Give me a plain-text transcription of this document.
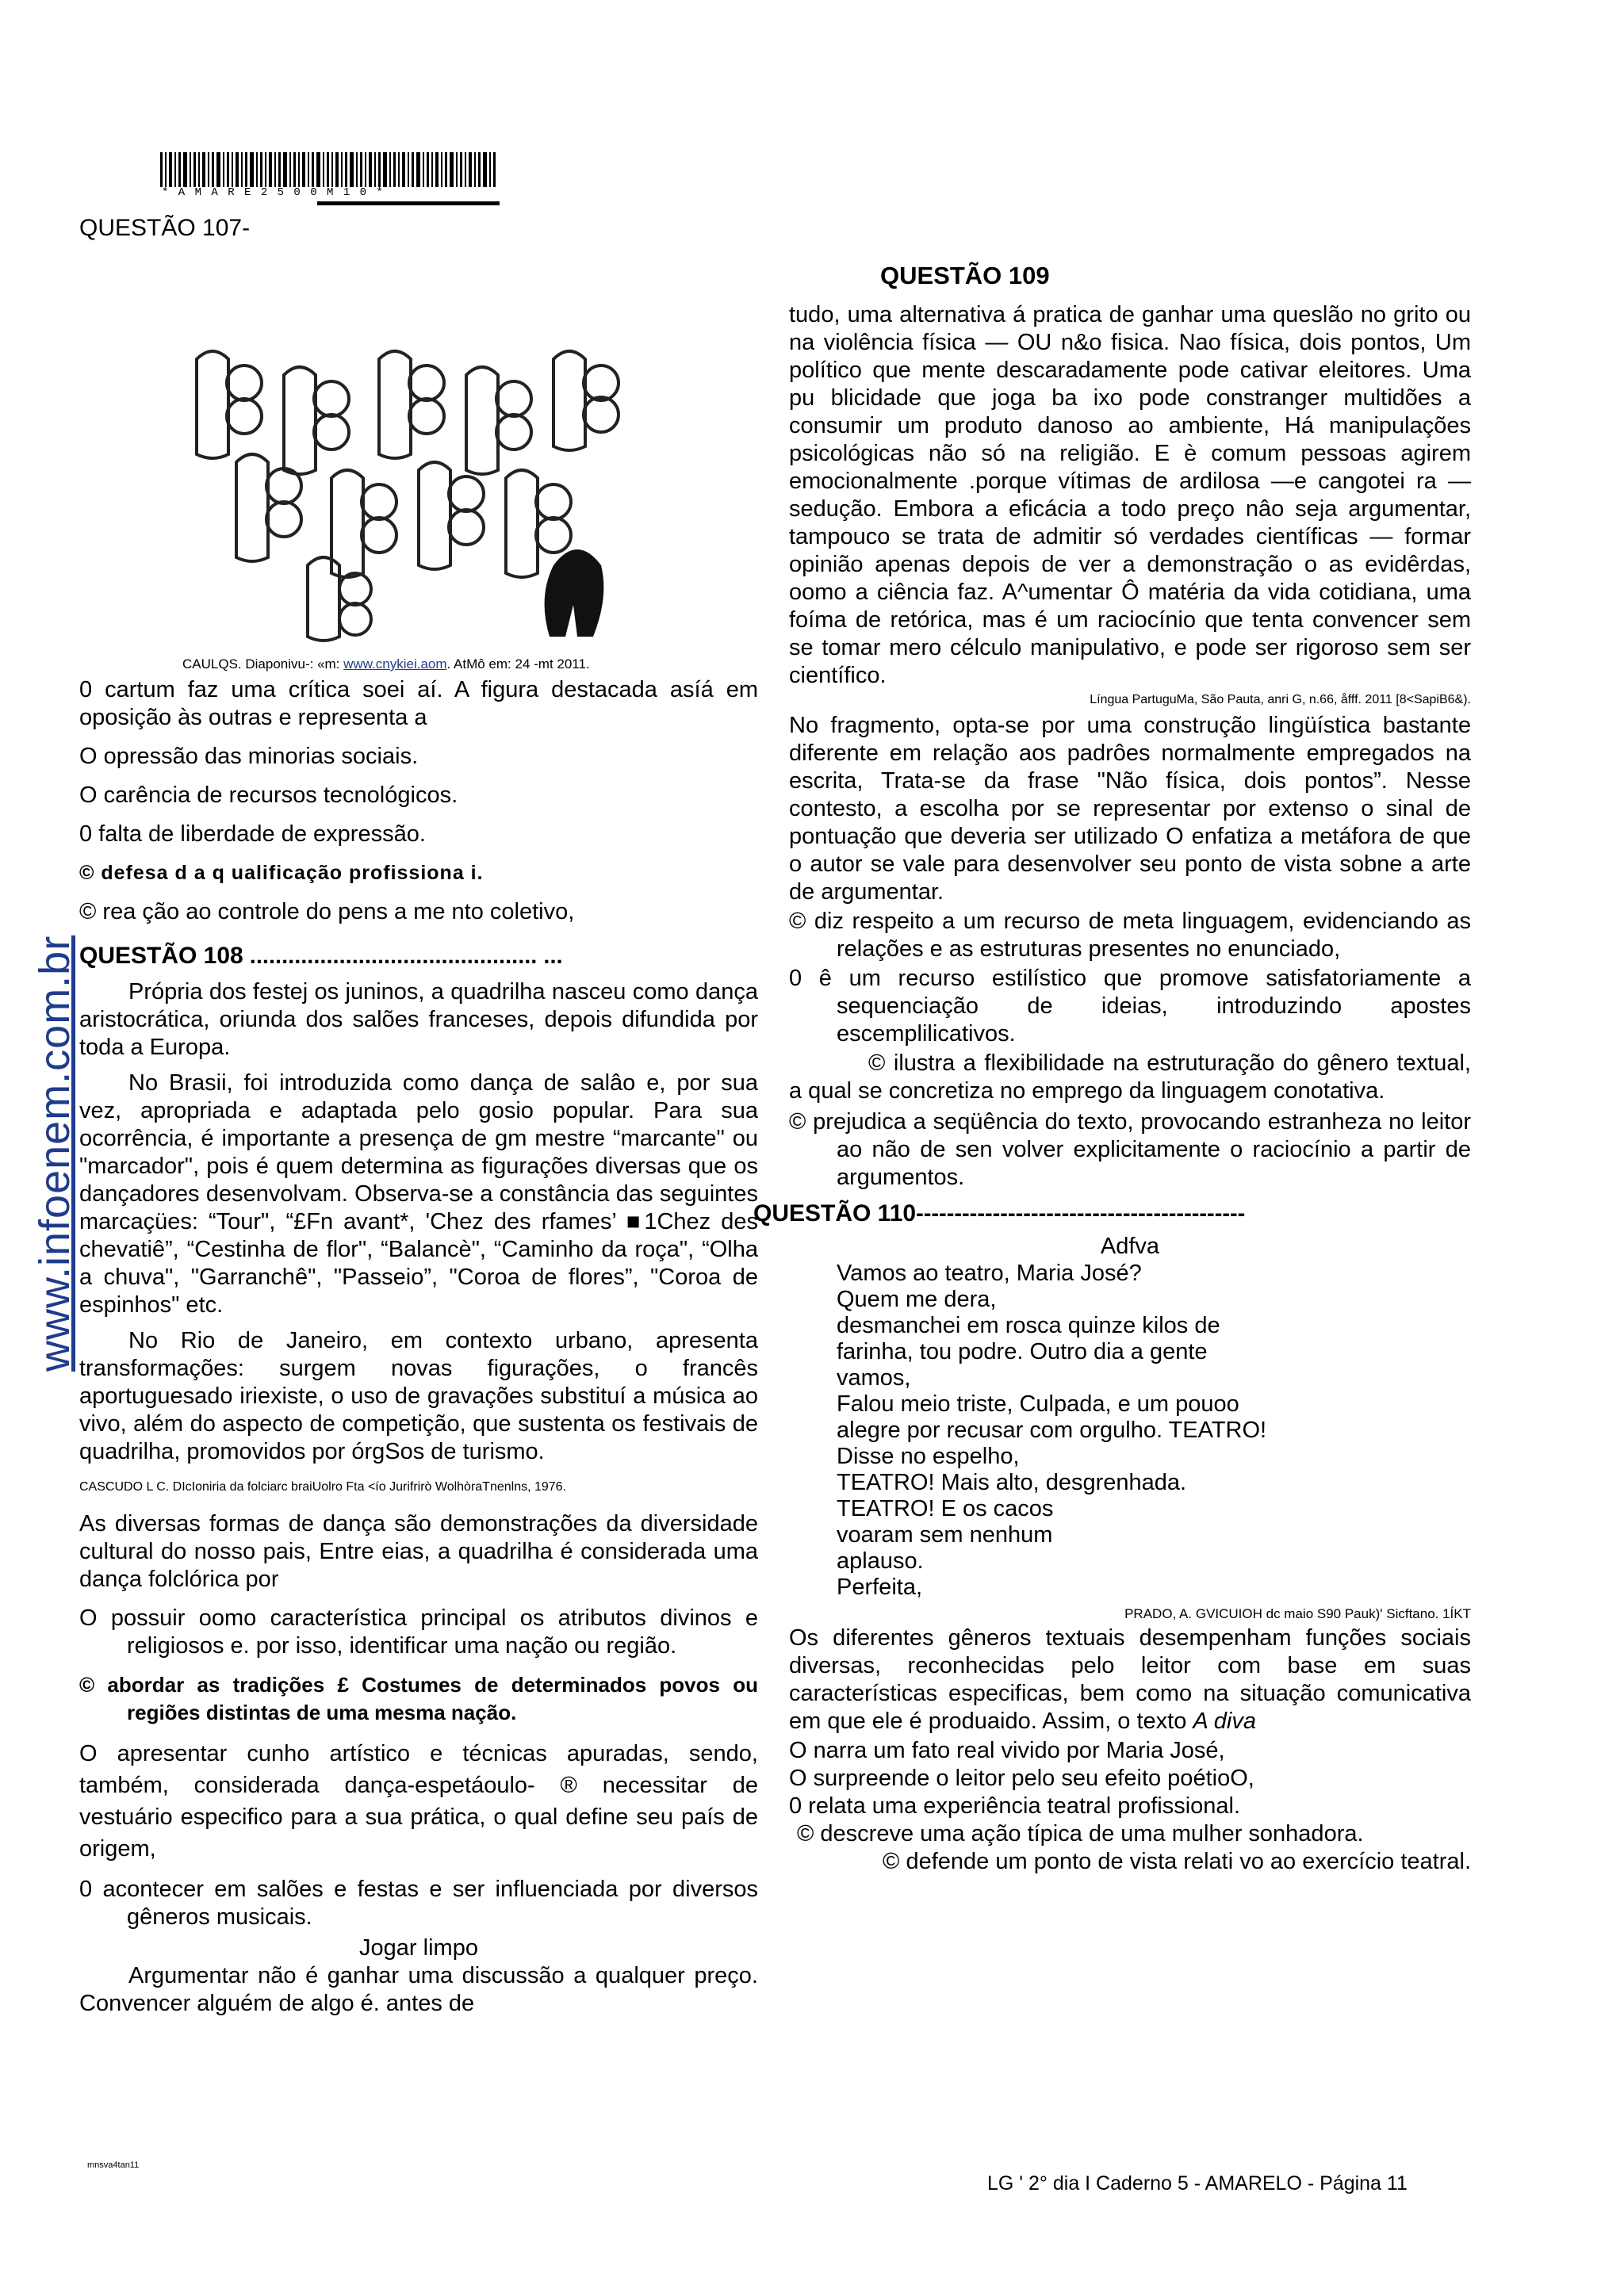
www.infoenem.com.br
* A M A R E 2 5 0 0 M 1 0 *

QUESTÃO 107-

CAULQS. Diaponivu-: «m: www.cnykiei.aom. AtMô em: 24 -mt 2011.

0 cartum faz uma crítica soei aí. A figura destacada asíá em oposição às outras e representa a

O opressão das minorias sociais.

O carência de recursos tecnológicos.

0 falta de liberdade de expressão.

© defesa d a q ualificação profissiona i.

© rea ção ao controle do pens a me nto coletivo,

QUESTÃO 108 ............................................. ...

Própria dos festej os juninos, a quadrilha nasceu como dança aristocrática, oriunda dos salões franceses, depois difundida por toda a Europa.

No Brasii, foi introduzida como dança de salâo e, por sua vez, apropriada e adaptada pelo gosio popular. Para sua ocorrência, é importante a presença de gm mestre “marcante" ou "marcador", pois é quem determina as figurações diversas que os dançadores desenvolvam. Observa-se a constância das seguintes marcaçües: “Tour", “£Fn avant*, 'Chez des rfames’ ■1Chez des chevatiê”, “Cestinha de flor", “Balancè", “Caminho da roça", “Olha a chuva", "Garranchê", "Passeio”, "Coroa de flores”, "Coroa de espinhos" etc.

No Rio de Janeiro, em contexto urbano, apresenta transformações: surgem novas figurações, o francês aportuguesado iriexiste, o uso de gravações substituí a música ao vivo, além do aspecto de competição, que sustenta os festivais de quadrilha, promovidos por órgSos de turismo.

CASCUDO L C. DIcIoniria da folciarc braiUolro Fta <ío Jurifrirò WolhòraTnenlns, 1976.

As diversas formas de dança são demonstrações da diversidade cultural do nosso pais, Entre eias, a quadrilha é considerada uma dança folclórica por

O possuir oomo característica principal os atributos divinos e religiosos e. por isso, identificar uma nação ou região.

© abordar as tradições £ Costumes de determinados povos ou regiões distintas de uma mesma nação.

O apresentar cunho artístico e técnicas apuradas, sendo, também, considerada dança-espetáoulo- ® necessitar de vestuário especifico para a sua prática, o qual define seu país de origem,

0 acontecer em salões e festas e ser influenciada por diversos gêneros musicais.

Jogar limpo

Argumentar não é ganhar uma discussão a qualquer preço. Convencer alguém de algo é. antes de

mnsva4tan11
QUESTÃO 109

tudo, uma alternativa á pratica de ganhar uma queslão no grito ou na violência física — OU n&o fisica. Nao física, dois pontos, Um político que mente descaradamente pode cativar eleitores. Uma pu blicidade que joga ba ixo pode constranger multidões a consumir um produto danoso ao ambiente, Há manipulações psicológicas não só na religião. E è comum pessoas agirem emocionalmente .porque vítimas de ardilosa —e cangotei ra — sedução. Embora a eficácia a todo preço nâo seja argumentar, tampouco se trata de admitir só verdades científicas — formar opinião apenas depois de ver a demonstração o as evidêrdas, oomo a ciência faz. A^umentar Ô matéria da vida cotidiana, uma foíma de retórica, mas é um raciocínio que tenta convencer sem se tomar mero célculo manipulativo, e pode ser rigoroso sem ser científico.

Língua PartuguMa, São Pauta, anri G, n.66, åfff. 2011 [8<SapiB6&).

No fragmento, opta-se por uma construção lingüística bastante diferente em relação aos padrôes normalmente empregados na escrita, Trata-se da frase "Não física, dois pontos”. Nesse contesto, a escolha por se representar por extenso o sinal de pontuação que deveria ser utilizado O enfatiza a metáfora de que o autor se vale para desenvolver seu ponto de vista sobne a arte de argumentar.

© diz respeito a um recurso de meta linguagem, evidenciando as relações e as estruturas presentes no enunciado,

0 ê um recurso estilístico que promove satisfatoriamente a sequenciação de ideias, introduzindo apostes escemplilicativos.

© ilustra a flexibilidade na estruturação do gênero textual, a qual se concretiza no emprego da linguagem conotativa.

© prejudica a seqüência do texto, provocando estranheza no leitor ao não de sen volver explicitamente o raciocínio a partir de argumentos.

QUESTÃO 110-------------------------------------------

Adfva

Vamos ao teatro, Maria José?

Quem me dera,

desmanchei em rosca quinze kilos de

farinha, tou podre. Outro dia a gente

vamos,

Falou meio triste, Culpada, e um pouoo

alegre por recusar com orgulho. TEATRO!

Disse no espelho,

TEATRO! Mais alto, desgrenhada.

TEATRO! E os cacos

voaram sem nenhum

aplauso.

Perfeita,

PRADO, A. GVICUIOH dc maio S90 Pauk)' Sicftano. 1ÍKT

Os diferentes gêneros textuais desempenham funções sociais diversas, reconhecidas pelo leitor com base em suas características especificas, bem como na situação comunicativa em que ele é produaido. Assim, o texto A diva

O narra um fato real vivido por Maria José,

O surpreende o leitor pelo seu efeito poétioO,

0 relata uma experiência teatral profissional.

© descreve uma ação típica de uma mulher sonhadora.

© defende um ponto de vista relati vo ao exercício teatral.

LG ' 2° dia I Caderno 5 - AMARELO - Página 11
